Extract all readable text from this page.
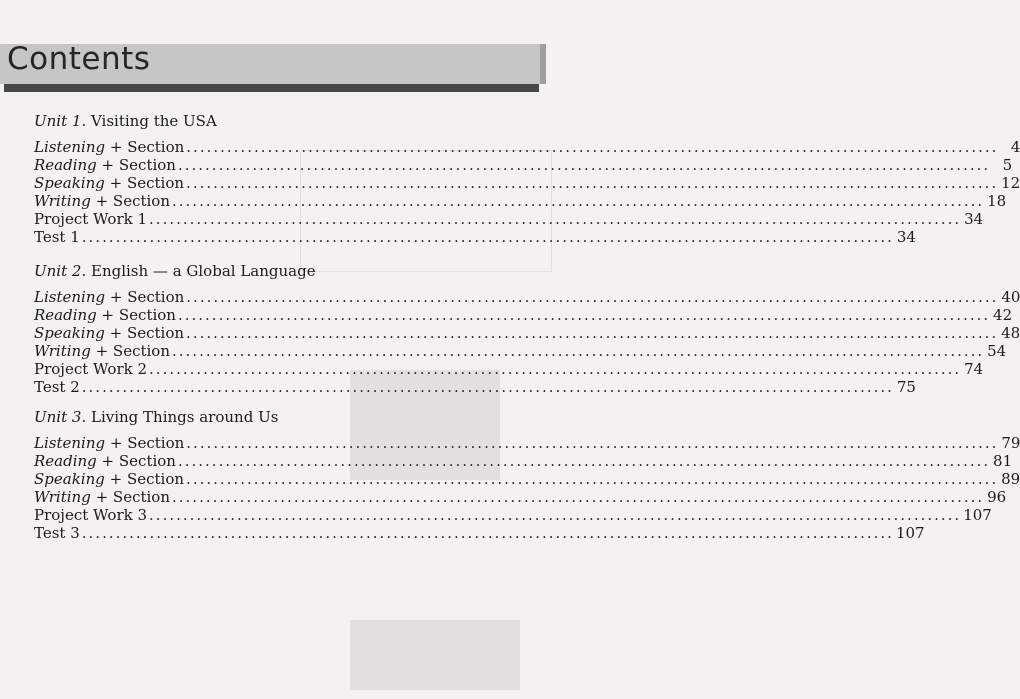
Contents
Unit 1. Visiting the USA
Listening + Section ........................................................................................................................ 4
Reading + Section ........................................................................................................................ 5
Speaking + Section ........................................................................................................................ 12
Writing + Section ........................................................................................................................ 18
Project Work 1 ........................................................................................................................ 34
Test 1 ........................................................................................................................ 34
Unit 2. English — a Global Language
Listening + Section ........................................................................................................................ 40
Reading + Section ........................................................................................................................ 42
Speaking + Section ........................................................................................................................ 48
Writing + Section ........................................................................................................................ 54
Project Work 2 ........................................................................................................................ 74
Test 2 ........................................................................................................................ 75
Unit 3. Living Things around Us
Listening + Section ........................................................................................................................ 79
Reading + Section ........................................................................................................................ 81
Speaking + Section ........................................................................................................................ 89
Writing + Section ........................................................................................................................ 96
Project Work 3 ........................................................................................................................ 107
Test 3 ........................................................................................................................ 107
